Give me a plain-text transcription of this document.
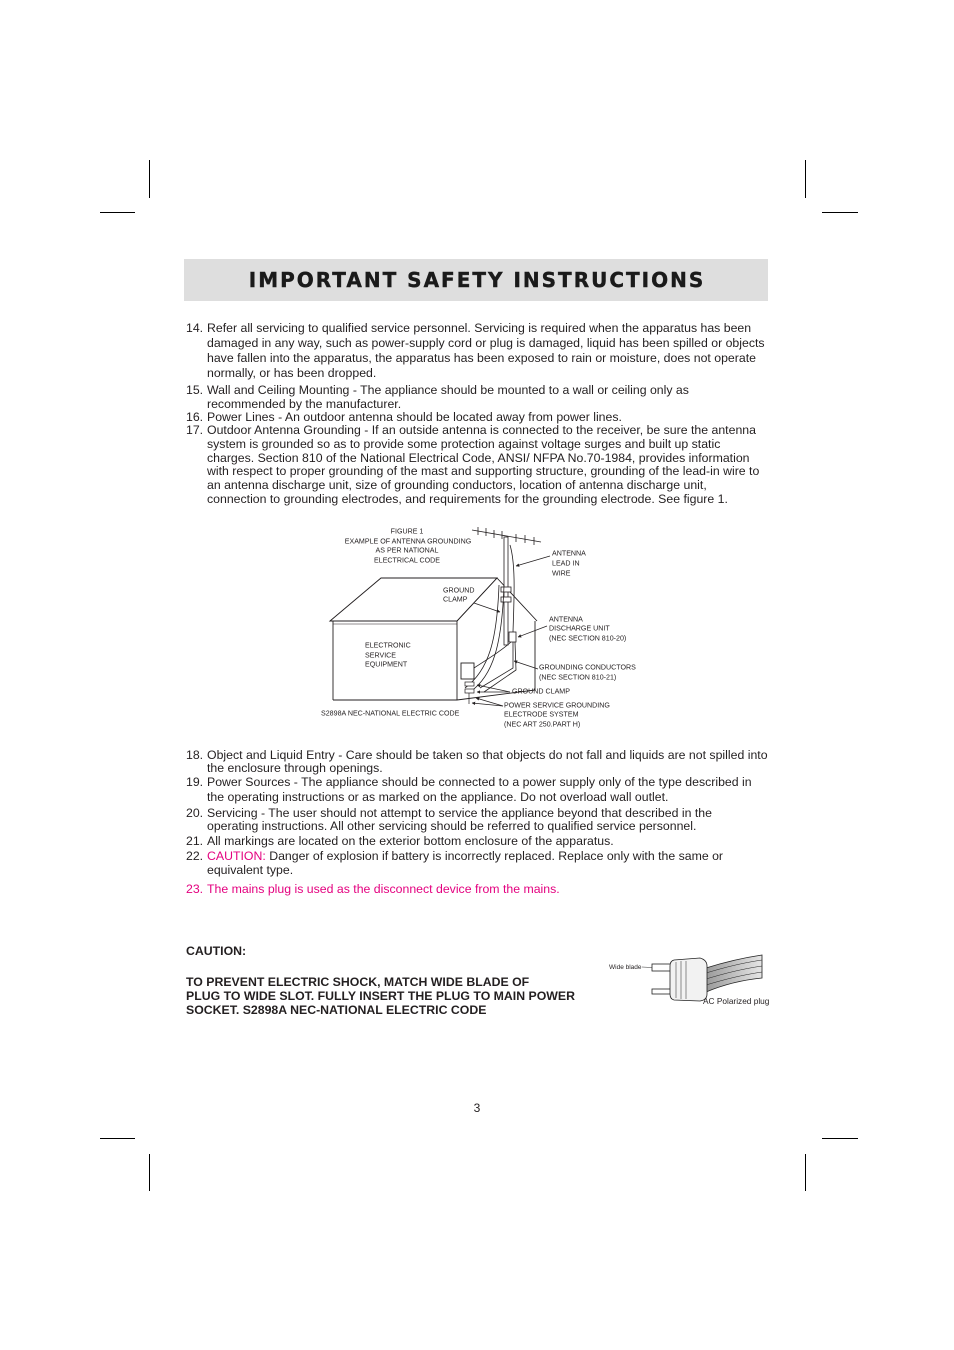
IMPORTANT SAFETY INSTRUCTIONS
14. Refer all servicing to qualified service personnel. Servicing is required when the apparatus has been
damaged in any way, such as power-supply cord or plug is damaged, liquid has been spilled or objects
have fallen into the apparatus, the apparatus has been exposed to rain or moisture, does not operate
normally, or has been dropped.
15. Wall and Ceiling Mounting - The appliance should be mounted to a wall or ceiling only as
recommended by the manufacturer.
16. Power Lines - An outdoor antenna should be located away from power lines.
17. Outdoor Antenna Grounding - If an outside antenna is connected to the receiver, be sure the antenna
system is grounded so as to provide some protection against voltage surges and built up static
charges. Section 810 of the National Electrical Code, ANSI/ NFPA No.70-1984, provides information
with respect to proper grounding of the mast and supporting structure, grounding of the lead-in wire to
an antenna discharge unit, size of grounding conductors, location of antenna discharge unit,
connection to grounding electrodes, and requirements for the grounding electrode. See figure 1.
FIGURE 1
EXAMPLE OF ANTENNA GROUNDING
AS PER NATIONAL
ELECTRICAL CODE
ANTENNA
LEAD IN
WIRE
GROUND
CLAMP
ANTENNA
DISCHARGE UNIT
(NEC SECTION 810-20)
ELECTRONIC
SERVICE
EQUIPMENT	GROUNDING CONDUCTORS
(NEC SECTION 810-21)
GROUND CLAMP
POWER SERVICE GROUNDING
ELECTRODE SYSTEM
(NEC ART 250.PART H)
S2898A NEC-NATIONAL ELECTRIC CODE
18. Object and Liquid Entry - Care should be taken so that objects do not fall and liquids are not spilled into
the enclosure through openings.
19. Power Sources - The appliance should be connected to a power supply only of the type described in
the operating instructions or as marked on the appliance. Do not overload wall outlet.
20. Servicing - The user should not attempt to service the appliance beyond that described in the
operating instructions. All other servicing should be referred to qualified service personnel.
21. All markings are located on the exterior bottom enclosure of the apparatus.
22. CAUTION: Danger of explosion if battery is incorrectly replaced. Replace only with the same or
equivalent type.
23. The mains plug is used as the disconnect device from the mains.
CAUTION:
TO PREVENT ELECTRIC SHOCK, MATCH WIDE BLADE OF
PLUG TO WIDE SLOT. FULLY INSERT THE PLUG TO MAIN POWER
SOCKET. S2898A NEC-NATIONAL ELECTRIC CODE
Wide blade
AC Polarized plug
3
